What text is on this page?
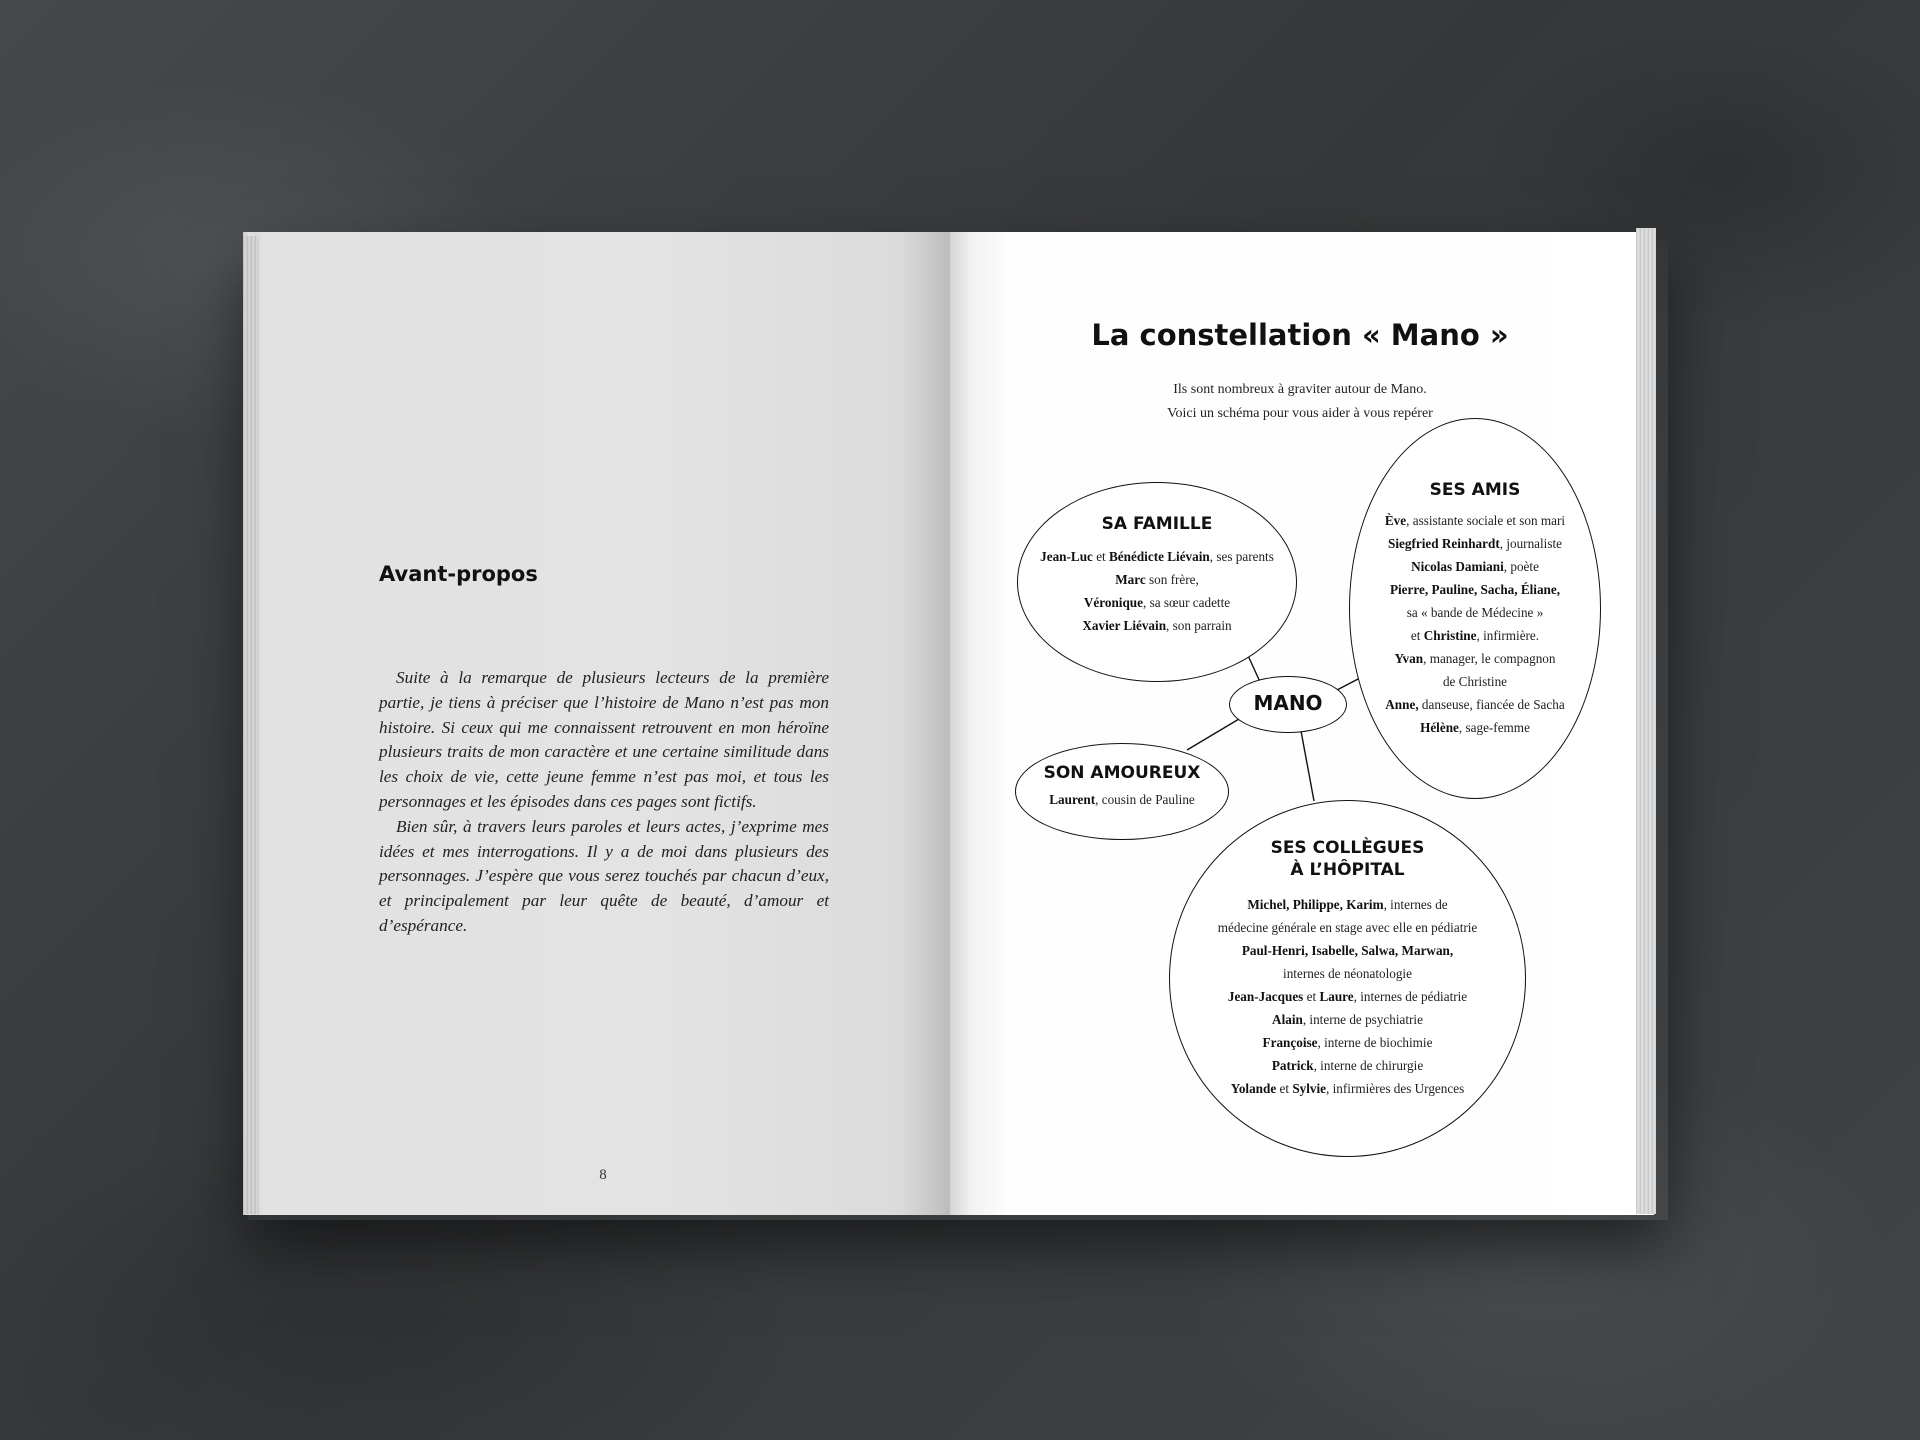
Avant-propos

Suite à la remarque de plusieurs lecteurs de la première partie, je tiens à préciser que l’histoire de Mano n’est pas mon histoire. Si ceux qui me connaissent retrouvent en mon héroïne plusieurs traits de mon caractère et une certaine similitude dans les choix de vie, cette jeune femme n’est pas moi, et tous les personnages et les épisodes dans ces pages sont fictifs.

Bien sûr, à travers leurs paroles et leurs actes, j’exprime mes idées et mes interrogations. Il y a de moi dans plusieurs des personnages. J’espère que vous serez touchés par chacun d’eux, et principalement par leur quête de beauté, d’amour et d’espérance.

8
La constellation « Mano »
Ils sont nombreux à graviter autour de Mano.
Voici un schéma pour vous aider à vous repérer
SA FAMILLE
Jean-Luc et Bénédicte Liévain, ses parents
Marc son frère,
Véronique, sa sœur cadette
Xavier Liévain, son parrain
SES AMIS
Ève, assistante sociale et son mari
Siegfried Reinhardt, journaliste
Nicolas Damiani, poète
Pierre, Pauline, Sacha, Éliane,
sa « bande de Médecine »
et Christine, infirmière.
Yvan, manager, le compagnon
de Christine
Anne, danseuse, fiancée de Sacha
Hélène, sage-femme
MANO
SON AMOUREUX
Laurent, cousin de Pauline
SES COLLÈGUES
À L’HÔPITAL
Michel, Philippe, Karim, internes de
médecine générale en stage avec elle en pédiatrie
Paul-Henri, Isabelle, Salwa, Marwan,
internes de néonatologie
Jean-Jacques et Laure, internes de pédiatrie
Alain, interne de psychiatrie
Françoise, interne de biochimie
Patrick, interne de chirurgie
Yolande et Sylvie, infirmières des Urgences
